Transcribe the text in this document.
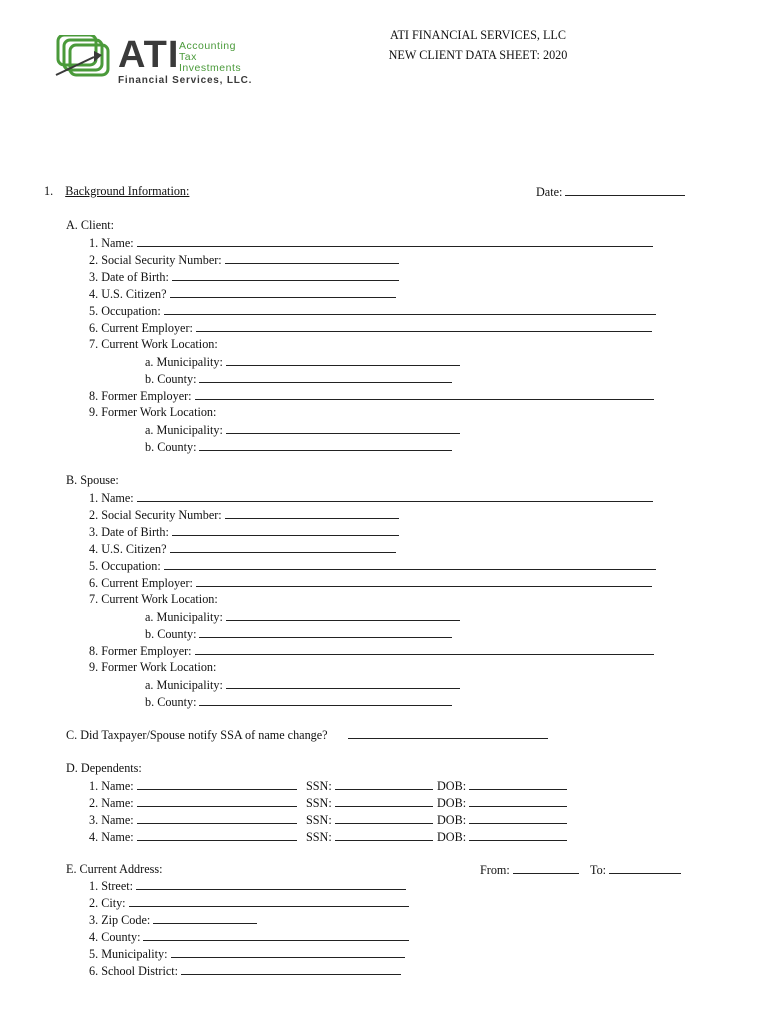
ATI Accounting
Tax
Investments
Financial Services, LLC.
ATI FINANCIAL SERVICES, LLC
NEW CLIENT DATA SHEET: 2020
1. Background Information:	Date:
A. Client:
1. Name:
2. Social Security Number:
3. Date of Birth:
4. U.S. Citizen?
5. Occupation:
6. Current Employer:
7. Current Work Location:
a. Municipality:
b. County:
8. Former Employer:
9. Former Work Location:
a. Municipality:
b. County:
B. Spouse:
1. Name:
2. Social Security Number:
3. Date of Birth:
4. U.S. Citizen?
5. Occupation:
6. Current Employer:
7. Current Work Location:
a. Municipality:
b. County:
8. Former Employer:
9. Former Work Location:
a. Municipality:
b. County:
C. Did Taxpayer/Spouse notify SSA of name change?
D. Dependents:
1. Name:	SSN:	DOB:
2. Name:	SSN:	DOB:
3. Name:	SSN:	DOB:
4. Name:	SSN:	DOB:
E. Current Address:	From:	To:
1. Street:
2. City:
3. Zip Code:
4. County:
5. Municipality:
6. School District:
